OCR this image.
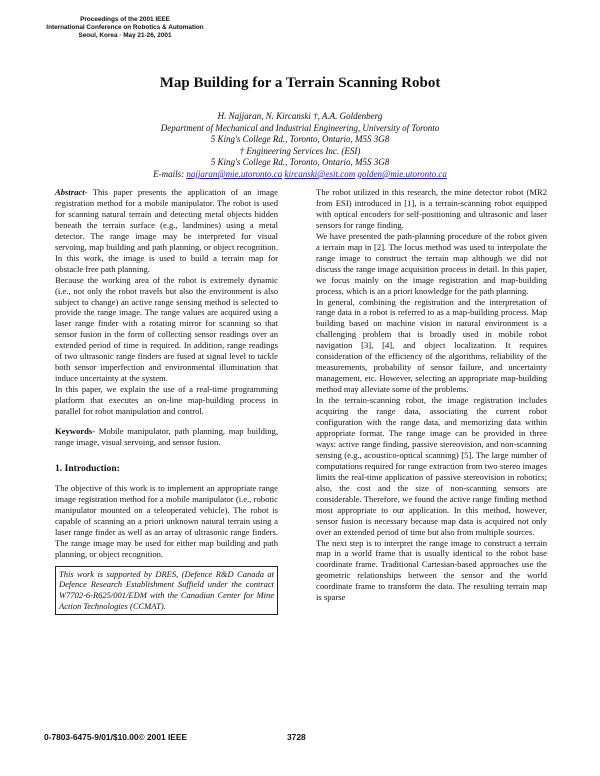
Proceedings of the 2001 IEEE
International Conference on Robotics & Automation
Seoul, Korea · May 21-26, 2001
Map Building for a Terrain Scanning Robot
H. Najjaran, N. Kircanski †, A.A. Goldenberg
Department of Mechanical and Industrial Engineering, University of Toronto
5 King's College Rd., Toronto, Ontario, M5S 3G8
† Engineering Services Inc. (ESI)
5 King's College Rd., Toronto, Ontario, M5S 3G8
E-mails: najjaran@mie.utoronto.ca kircanski@esit.com golden@mie.utoronto.ca

Abstract- This paper presents the application of an image registration method for a mobile manipulator. The robot is used for scanning natural terrain and detecting metal objects hidden beneath the terrain surface (e.g., landmines) using a metal detector. The range image may be interpreted for visual servoing, map building and path planning, or object recognition. In this work, the image is used to build a terrain map for obstacle free path planning.

Because the working area of the robot is extremely dynamic (i.e., not only the robot travels but also the environment is also subject to change) an active range sensing method is selected to provide the range image. The range values are acquired using a laser range finder with a rotating mirror for scanning so that sensor fusion in the form of collecting sensor readings over an extended period of time is required. In addition, range readings of two ultrasonic range finders are fused at signal level to tackle both sensor imperfection and environmental illumination that induce uncertainty at the system.

In this paper, we explain the use of a real-time programming platform that executes an on-line map-building process in parallel for robot manipulation and control.

Keywords- Mobile manipulator, path planning, map building, range image, visual servoing, and sensor fusion.

1. Introduction:

The objective of this work is to implement an appropriate range image registration method for a mobile manipulator (i.e., robotic manipulator mounted on a teleoperated vehicle). The robot is capable of scanning an a priori unknown natural terrain using a laser range finder as well as an array of ultrasonic range finders. The range image may be used for either map building and path planning, or object recognition.

This work is supported by DRES, (Defence R&D Canada at Defence Research Establishment Suffield under the contract W7702-6-R625/001/EDM with the Canadian Center for Mine Action Technologies (CCMAT).

The robot utilized in this research, the mine detector robot (MR2 from ESI) introduced in [1], is a terrain-scanning robot equipped with optical encoders for self-positioning and ultrasonic and laser sensors for range finding.

We have presented the path-planning procedure of the robot given a terrain map in [2]. The locus method was used to interpolate the range image to construct the terrain map although we did not discuss the range image acquisition process in detail. In this paper, we focus mainly on the image registration and map-building process, which is an a priori knowledge for the path planning.

In general, combining the registration and the interpretation of range data in a robot is referred to as a map-building process. Map building based on machine vision in natural environment is a challenging problem that is broadly used in mobile robot navigation [3], [4], and object localization. It requires consideration of the efficiency of the algorithms, reliability of the measurements, probability of sensor failure, and uncertainty management, etc. However, selecting an appropriate map-building method may alleviate some of the problems.

In the terrain-scanning robot, the image registration includes acquiring the range data, associating the current robot configuration with the range data, and memorizing data within appropriate format. The range image can be provided in three ways: active range finding, passive stereovision, and non-scanning sensing (e.g., acoustico-optical scanning) [5]. The large number of computations required for range extraction from two stereo images limits the real-time application of passive stereovision in robotics; also, the cost and the size of non-scanning sensors are considerable. Therefore, we found the active range finding method most appropriate to our application. In this method, however, sensor fusion is necessary because map data is acquired not only over an extended period of time but also from multiple sources.

The next step is to interpret the range image to construct a terrain map in a world frame that is usually identical to the robot base coordinate frame. Traditional Cartesian-based approaches use the geometric relationships between the sensor and the world coordinate frame to transform the data. The resulting terrain map is sparse

0-7803-6475-9/01/$10.00© 2001 IEEE	3728
